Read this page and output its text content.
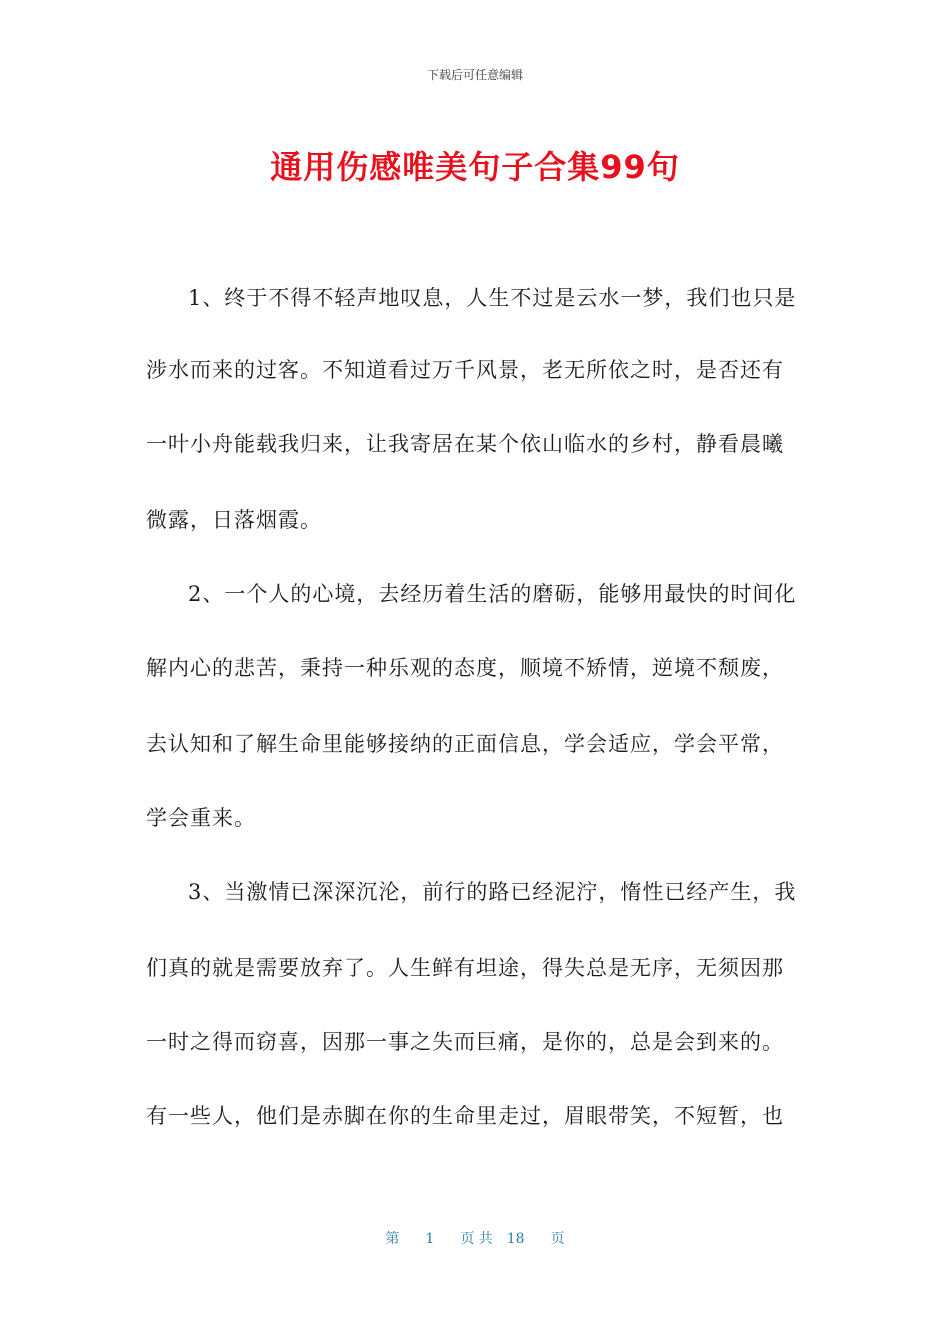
下载后可任意编辑
通用伤感唯美句子合集99句
1、终于不得不轻声地叹息，人生不过是云水一梦，我们也只是
涉水而来的过客。不知道看过万千风景，老无所依之时，是否还有
一叶小舟能载我归来，让我寄居在某个依山临水的乡村，静看晨曦
微露，日落烟霞。
2、一个人的心境，去经历着生活的磨砺，能够用最快的时间化
解内心的悲苦，秉持一种乐观的态度，顺境不矫情，逆境不颓废，
去认知和了解生命里能够接纳的正面信息，学会适应，学会平常，
学会重来。
3、当激情已深深沉沦，前行的路已经泥泞，惰性已经产生，我
们真的就是需要放弃了。人生鲜有坦途，得失总是无序，无须因那
一时之得而窃喜，因那一事之失而巨痛，是你的，总是会到来的。
有一些人，他们是赤脚在你的生命里走过，眉眼带笑，不短暂，也
第 1 页 共 18 页
